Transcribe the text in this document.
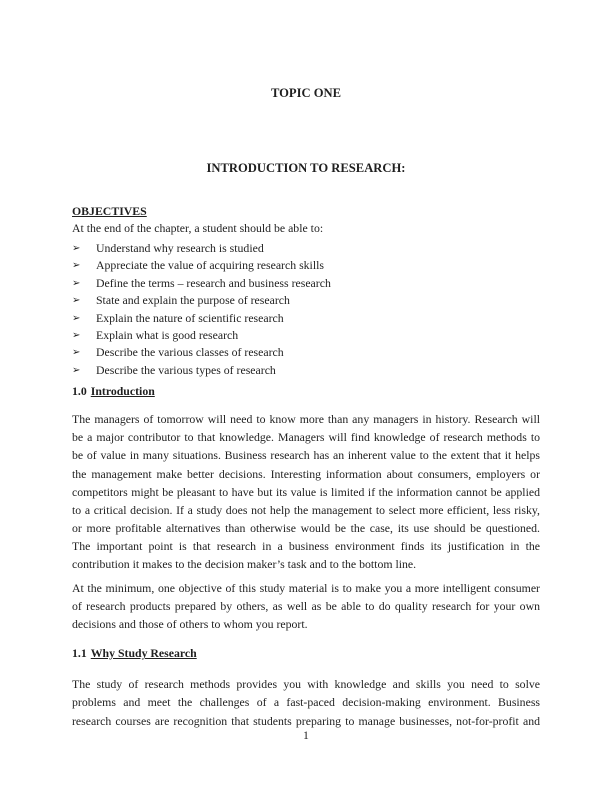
TOPIC ONE
INTRODUCTION TO RESEARCH:
OBJECTIVES
At the end of the chapter, a student should be able to:
➢	Understand why research is studied
➢	Appreciate the value of acquiring research skills
➢	Define the terms – research and business research
➢	State and explain the purpose of research
➢	Explain the nature of scientific research
➢	Explain what is good research
➢	Describe the various classes of research
➢	Describe the various types of research
1.0 Introduction
The managers of tomorrow will need to know more than any managers in history. Research will
be a major contributor to that knowledge. Managers will find knowledge of research methods to
be of value in many situations. Business research has an inherent value to the extent that it helps
the management make better decisions. Interesting information about consumers, employers or
competitors might be pleasant to have but its value is limited if the information cannot be applied
to a critical decision. If a study does not help the management to select more efficient, less risky,
or more profitable alternatives than otherwise would be the case, its use should be questioned.
The important point is that research in a business environment finds its justification in the
contribution it makes to the decision maker’s task and to the bottom line.
At the minimum, one objective of this study material is to make you a more intelligent consumer
of research products prepared by others, as well as be able to do quality research for your own
decisions and those of others to whom you report.
1.1 Why Study Research
The study of research methods provides you with knowledge and skills you need to solve
problems and meet the challenges of a fast-paced decision-making environment. Business
research courses are recognition that students preparing to manage businesses, not-for-profit and
1
